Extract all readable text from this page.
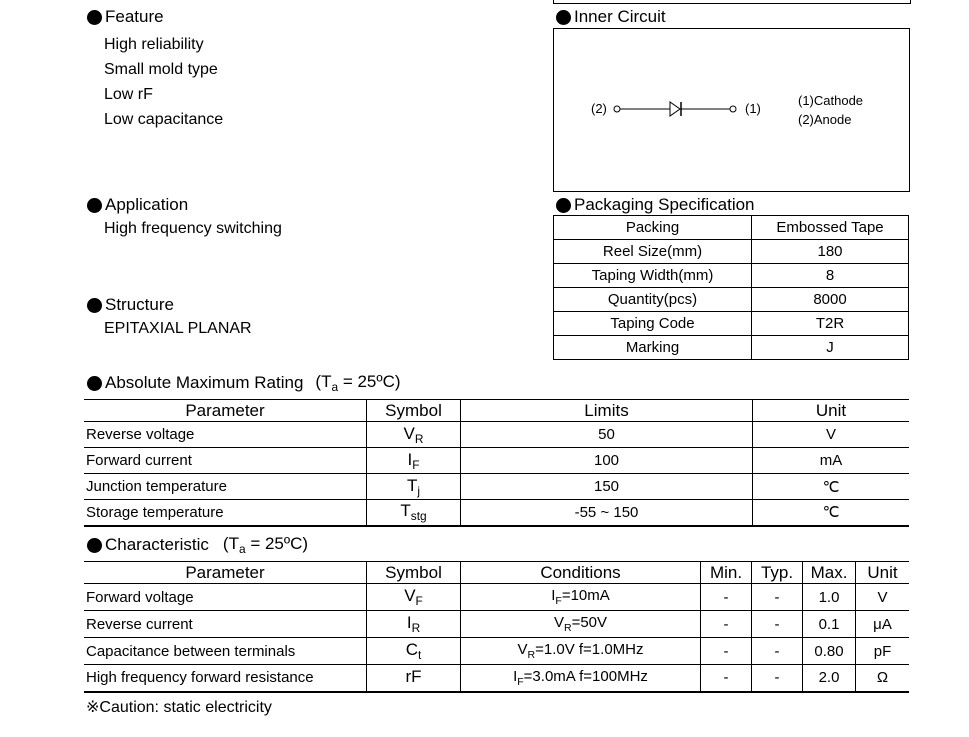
Feature
High reliability
Small mold type
Low rF
Low capacitance
Inner Circuit
(2)	(1)
(1)Cathode
(2)Anode
Application
High frequency switching
Structure
EPITAXIAL PLANAR
Packaging Specification
Packing	Embossed Tape
Reel Size(mm)	180
Taping Width(mm)	8
Quantity(pcs)	8000
Taping Code	T2R
Marking	J
Absolute Maximum Rating ($T_a$ = 25ºC)
Parameter	Symbol	Limits	Unit
Reverse voltage	$V_R$	50	V
Forward current	$I_F$	100	mA
Junction temperature	$T_j$	150	℃
Storage temperature	$T_{stg}$	-55 ~ 150	℃
Characteristic ($T_a$ = 25ºC)
Parameter	Symbol	Conditions	Min.	Typ.	Max.	Unit
Forward voltage	$V_F$	$I_F=10mA$	-	-	1.0	V
Reverse current	$I_R$	$V_R=50V$	-	-	0.1	μA
Capacitance between terminals	$C_t$	$V_R=1.0V$ f=1.0MHz	-	-	0.80	pF
High frequency forward resistance	rF	$I_F=3.0mA$ f=100MHz	-	-	2.0	Ω
※Caution: static electricity
